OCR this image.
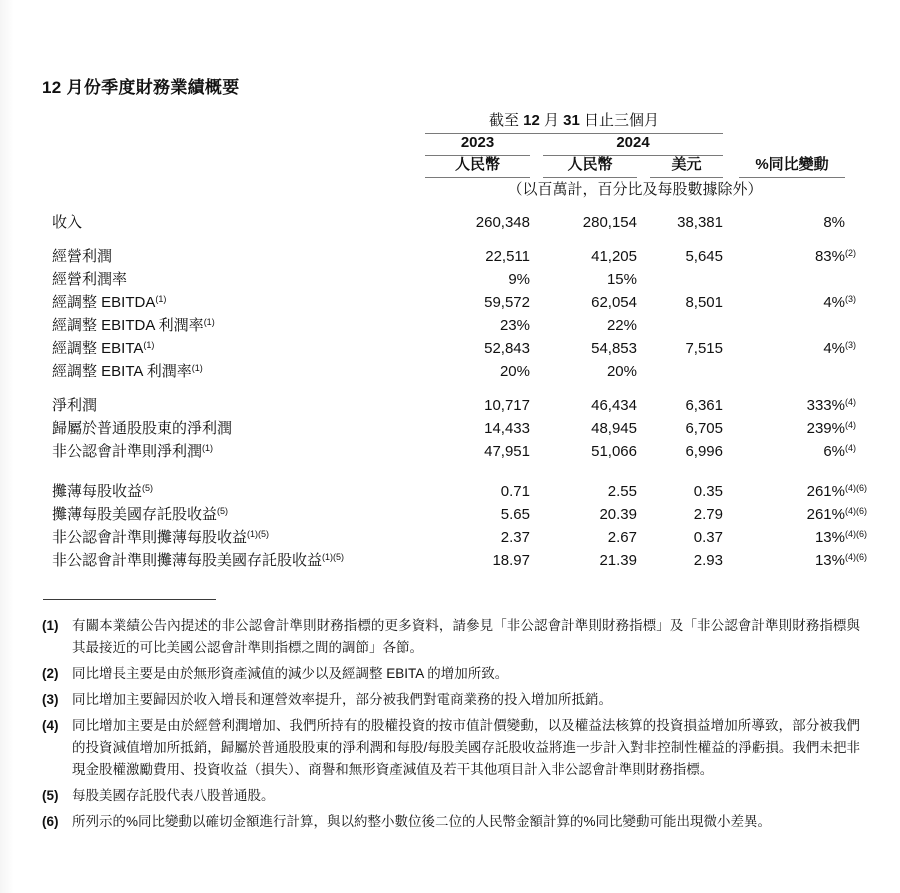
12 月份季度財務業績概要

	截至 12 月 31 日止三個月			

	2023	2024		

	人民幣	人民幣	美元	%同比變動

	（以百萬計，百分比及每股數據除外）			
收入	260,348	280,154	38,381	8%
經營利潤	22,511	41,205	5,645	83%$^{(2)}$
經營利潤率	9%	15%		
經調整 EBITDA$^{(1)}$	59,572	62,054	8,501	4%$^{(3)}$
經調整 EBITDA 利潤率$^{(1)}$	23%	22%		
經調整 EBITA$^{(1)}$	52,843	54,853	7,515	4%$^{(3)}$
經調整 EBITA 利潤率$^{(1)}$	20%	20%		
淨利潤	10,717	46,434	6,361	333%$^{(4)}$
歸屬於普通股股東的淨利潤	14,433	48,945	6,705	239%$^{(4)}$
非公認會計準則淨利潤$^{(1)}$	47,951	51,066	6,996	6%$^{(4)}$
攤薄每股收益$^{(5)}$	0.71	2.55	0.35	261%$^{(4)(6)}$
攤薄每股美國存託股收益$^{(5)}$	5.65	20.39	2.79	261%$^{(4)(6)}$
非公認會計準則攤薄每股收益$^{(1)(5)}$	2.37	2.67	0.37	13%$^{(4)(6)}$
非公認會計準則攤薄每股美國存託股收益$^{(1)(5)}$	18.97	21.39	2.93	13%$^{(4)(6)}$
(1)	有關本業績公告內提述的非公認會計準則財務指標的更多資料，請參見「非公認會計準則財務指標」及「非公認會計準則財務指標與其最接近的可比美國公認會計準則指標之間的調節」各節。
(2)	同比增長主要是由於無形資產減值的減少以及經調整 EBITA 的增加所致。
(3)	同比增加主要歸因於收入增長和運營效率提升，部分被我們對電商業務的投入增加所抵銷。
(4)	同比增加主要是由於經營利潤增加、我們所持有的股權投資的按市值計價變動，以及權益法核算的投資損益增加所導致，部分被我們的投資減值增加所抵銷，歸屬於普通股股東的淨利潤和每股/每股美國存託股收益將進一步計入對非控制性權益的淨虧損。我們未把非現金股權激勵費用、投資收益（損失）、商譽和無形資產減值及若干其他項目計入非公認會計準則財務指標。
(5)	每股美國存託股代表八股普通股。
(6)	所列示的%同比變動以確切金額進行計算，與以約整小數位後二位的人民幣金額計算的%同比變動可能出現微小差異。
